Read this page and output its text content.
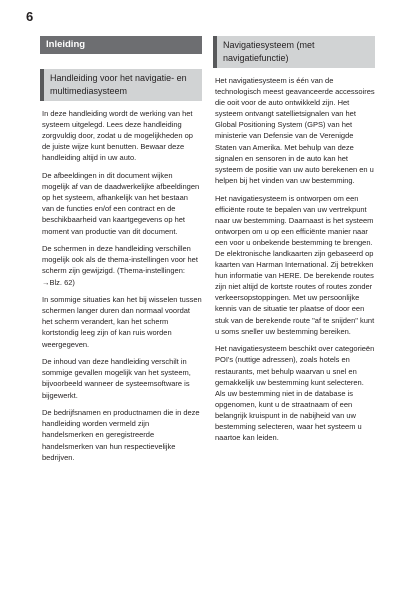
6
Inleiding
Handleiding voor het navigatie- en multimediasysteem

In deze handleiding wordt de werking van het systeem uitgelegd. Lees deze handleiding zorgvuldig door, zodat u de mogelijkheden op de juiste wijze kunt benutten. Bewaar deze handleiding altijd in uw auto.

De afbeeldingen in dit document wijken mogelijk af van de daadwerkelijke afbeeldingen op het systeem, afhankelijk van het bestaan van de functies en/of een contract en de beschikbaarheid van kaartgegevens op het moment van productie van dit document.

De schermen in deze handleiding verschillen mogelijk ook als de thema-instellingen voor het scherm zijn gewijzigd. (Thema-instellingen: →Blz. 62)

In sommige situaties kan het bij wisselen tussen schermen langer duren dan normaal voordat het scherm verandert, kan het scherm kortstondig leeg zijn of kan ruis worden weergegeven.

De inhoud van deze handleiding verschilt in sommige gevallen mogelijk van het systeem, bijvoorbeeld wanneer de systeemsoftware is bijgewerkt.

De bedrijfsnamen en productnamen die in deze handleiding worden vermeld zijn handelsmerken en geregistreerde handelsmerken van hun respectievelijke bedrijven.

Navigatiesysteem (met navigatiefunctie)

Het navigatiesysteem is één van de technologisch meest geavanceerde accessoires die ooit voor de auto ontwikkeld zijn. Het systeem ontvangt satellietsignalen van het Global Positioning System (GPS) van het ministerie van Defensie van de Verenigde Staten van Amerika. Met behulp van deze signalen en sensoren in de auto kan het systeem de positie van uw auto berekenen en u helpen bij het vinden van uw bestemming.

Het navigatiesysteem is ontworpen om een efficiënte route te bepalen van uw vertrekpunt naar uw bestemming. Daarnaast is het systeem ontworpen om u op een efficiënte manier naar een voor u onbekende bestemming te brengen. De elektronische landkaarten zijn gebaseerd op kaarten van Harman International. Zij betrekken hun informatie van HERE. De berekende routes zijn niet altijd de kortste routes of routes zonder verkeersopstoppingen. Met uw persoonlijke kennis van de situatie ter plaatse of door een stuk van de berekende route "af te snijden" kunt u soms sneller uw bestemming bereiken.

Het navigatiesysteem beschikt over categorieën POI's (nuttige adressen), zoals hotels en restaurants, met behulp waarvan u snel en gemakkelijk uw bestemming kunt selecteren. Als uw bestemming niet in de database is opgenomen, kunt u de straatnaam of een belangrijk kruispunt in de nabijheid van uw bestemming selecteren, waar het systeem u naartoe kan leiden.
